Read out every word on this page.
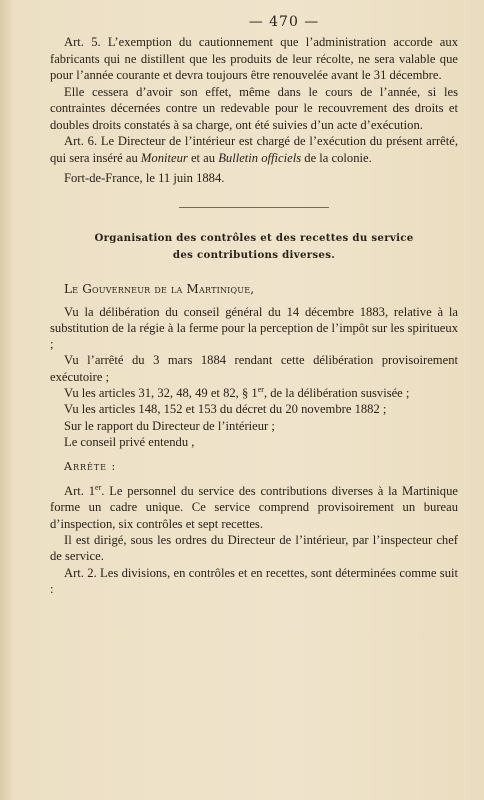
— 470 —

Art. 5. L’exemption du cautionnement que l’administration accorde aux fabricants qui ne distillent que les produits de leur récolte, ne sera valable que pour l’année courante et devra toujours être renouvelée avant le 31 décembre.

Elle cessera d’avoir son effet, même dans le cours de l’année, si les contraintes décernées contre un redevable pour le recouvrement des droits et doubles droits constatés à sa charge, ont été suivies d’un acte d’exécution.

Art. 6. Le Directeur de l’intérieur est chargé de l’exécution du présent arrêté, qui sera inséré au Moniteur et au Bulletin officiels de la colonie.

Fort-de-France, le 11 juin 1884.

Organisation des contrôles et des recettes du service
des contributions diverses.
Le Gouverneur de la Martinique,

Vu la délibération du conseil général du 14 décembre 1883, relative à la substitution de la régie à la ferme pour la perception de l’impôt sur les spiritueux ;

Vu l’arrêté du 3 mars 1884 rendant cette délibération provisoirement exécutoire ;

Vu les articles 31, 32, 48, 49 et 82, § 1er, de la délibération susvisée ;

Vu les articles 148, 152 et 153 du décret du 20 novembre 1882 ;

Sur le rapport du Directeur de l’intérieur ;

Le conseil privé entendu ,

Arrête :

Art. 1er. Le personnel du service des contributions diverses à la Martinique forme un cadre unique. Ce service comprend provisoirement un bureau d’inspection, six contrôles et sept recettes.

Il est dirigé, sous les ordres du Directeur de l’intérieur, par l’inspecteur chef de service.

Art. 2. Les divisions, en contrôles et en recettes, sont déterminées comme suit :
